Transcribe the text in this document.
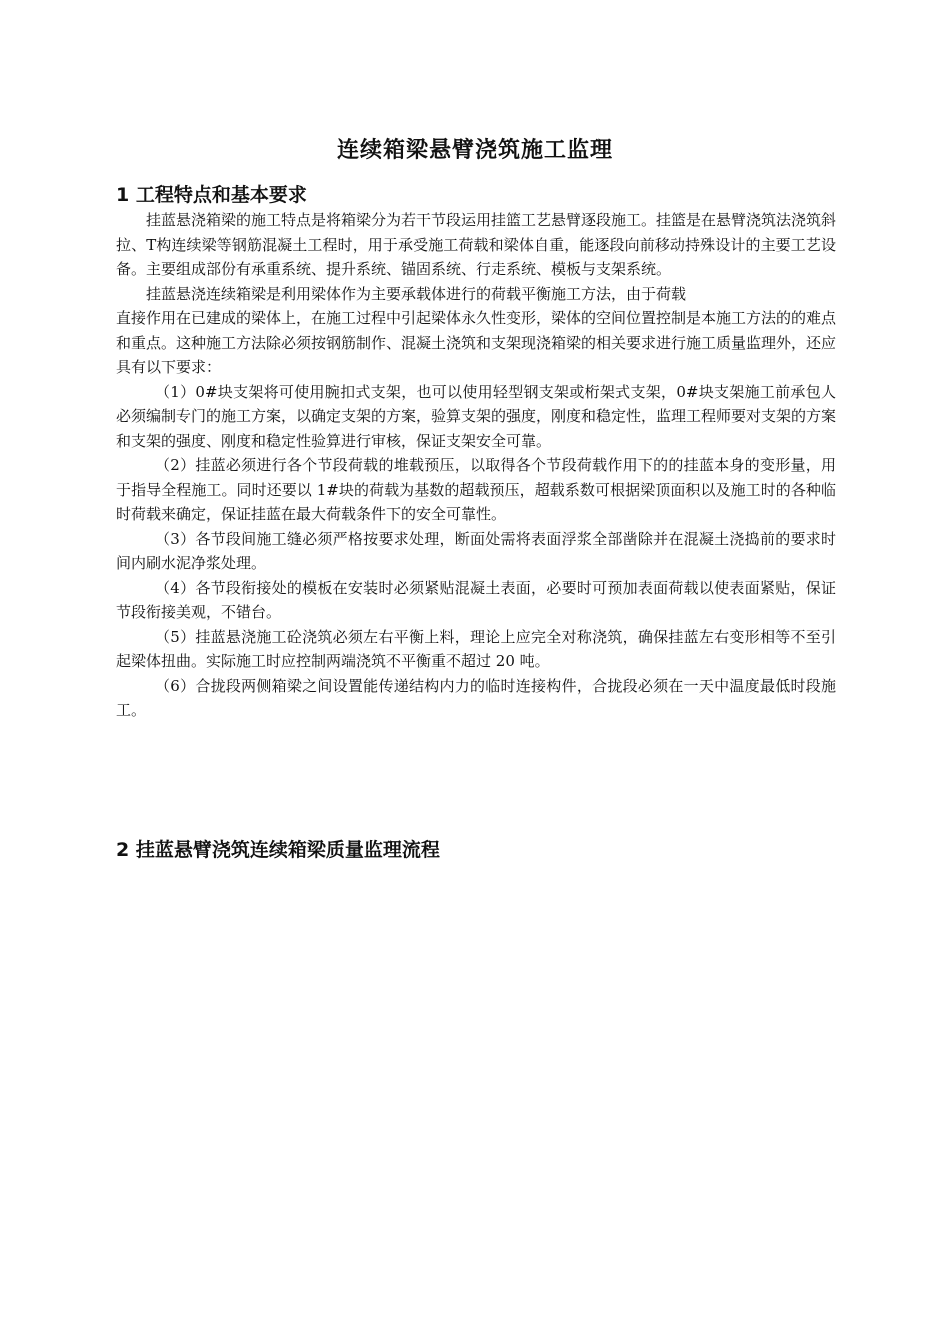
连续箱梁悬臂浇筑施工监理
1 工程特点和基本要求

挂蓝悬浇箱梁的施工特点是将箱梁分为若干节段运用挂篮工艺悬臂逐段施工。挂篮是在悬臂浇筑法浇筑斜拉、T构连续梁等钢筋混凝土工程时，用于承受施工荷载和梁体自重，能逐段向前移动持殊设计的主要工艺设备。主要组成部份有承重系统、提升系统、锚固系统、行走系统、模板与支架系统。

挂蓝悬浇连续箱梁是利用梁体作为主要承载体进行的荷载平衡施工方法，由于荷载

直接作用在已建成的梁体上，在施工过程中引起梁体永久性变形，梁体的空间位置控制是本施工方法的的难点和重点。这种施工方法除必须按钢筋制作、混凝土浇筑和支架现浇箱梁的相关要求进行施工质量监理外，还应具有以下要求：

（1）0#块支架将可使用腕扣式支架，也可以使用轻型钢支架或桁架式支架，0#块支架施工前承包人必须编制专门的施工方案，以确定支架的方案，验算支架的强度，刚度和稳定性，监理工程师要对支架的方案和支架的强度、刚度和稳定性验算进行审核，保证支架安全可靠。

（2）挂蓝必须进行各个节段荷载的堆载预压，以取得各个节段荷载作用下的的挂蓝本身的变形量，用于指导全程施工。同时还要以 1#块的荷载为基数的超载预压，超载系数可根据梁顶面积以及施工时的各种临时荷载来确定，保证挂蓝在最大荷载条件下的安全可靠性。

（3）各节段间施工缝必须严格按要求处理，断面处需将表面浮浆全部凿除并在混凝土浇捣前的要求时间内刷水泥净浆处理。

（4）各节段衔接处的模板在安装时必须紧贴混凝土表面，必要时可预加表面荷载以使表面紧贴，保证节段衔接美观，不错台。

（5）挂蓝悬浇施工砼浇筑必须左右平衡上料，理论上应完全对称浇筑，确保挂蓝左右变形相等不至引起梁体扭曲。实际施工时应控制两端浇筑不平衡重不超过 20 吨。

（6）合拢段两侧箱梁之间设置能传递结构内力的临时连接构件，合拢段必须在一天中温度最低时段施工。

2 挂蓝悬臂浇筑连续箱梁质量监理流程
